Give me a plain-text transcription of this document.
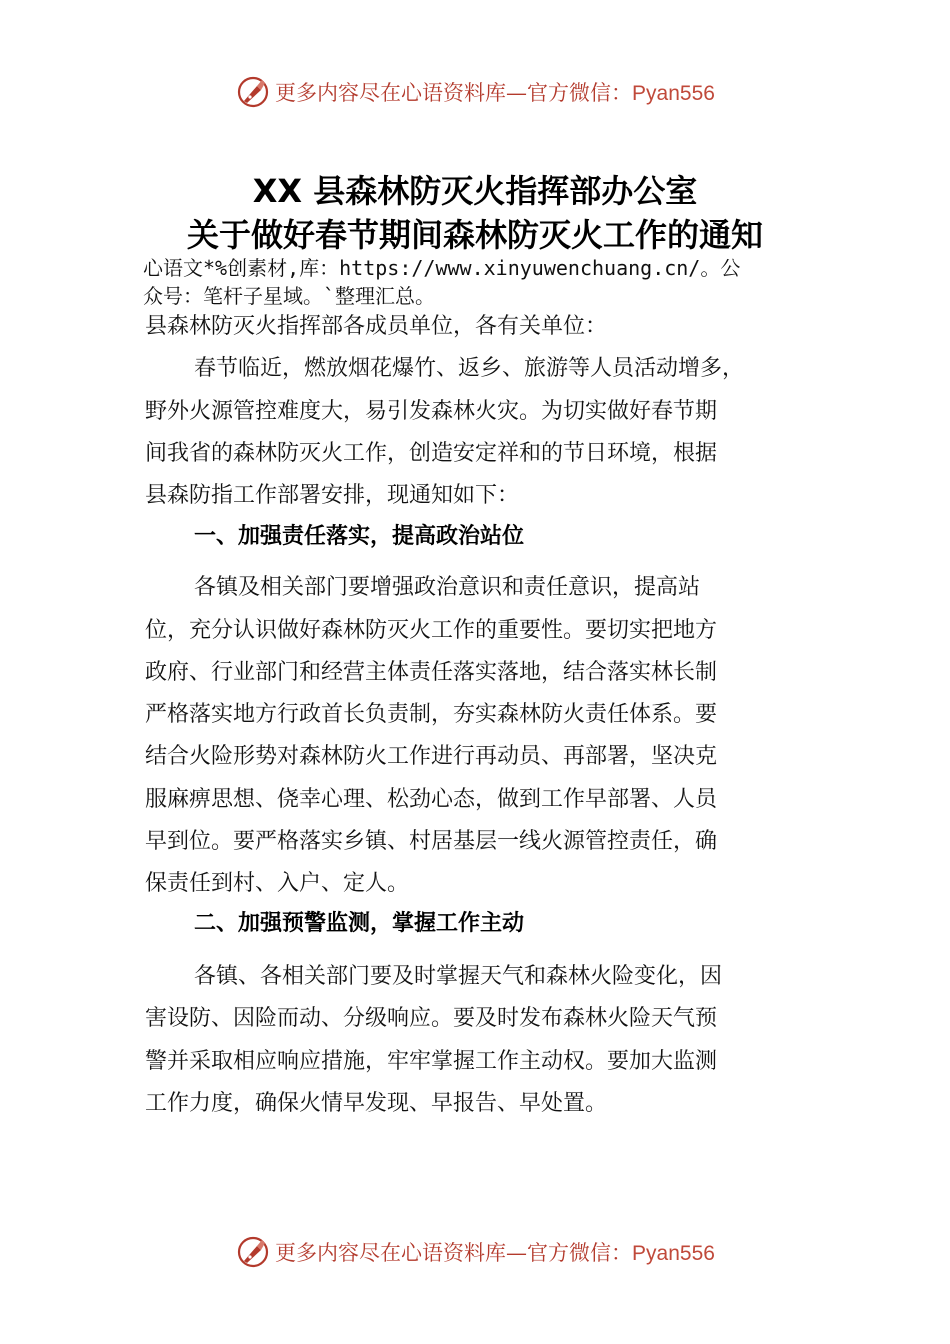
更多内容尽在心语资料库—官方微信：Pyan556
XX 县森林防灭火指挥部办公室
关于做好春节期间森林防灭火工作的通知
心语文*%创素材,库：https://www.xinyuwenchuang.cn/。公
众号：笔杆子星域。`整理汇总。
县森林防灭火指挥部各成员单位，各有关单位：
春节临近，燃放烟花爆竹、返乡、旅游等人员活动增多，
野外火源管控难度大，易引发森林火灾。为切实做好春节期
间我省的森林防灭火工作，创造安定祥和的节日环境，根据
县森防指工作部署安排，现通知如下：
一、加强责任落实，提高政治站位
各镇及相关部门要增强政治意识和责任意识，提高站
位，充分认识做好森林防灭火工作的重要性。要切实把地方
政府、行业部门和经营主体责任落实落地，结合落实林长制
严格落实地方行政首长负责制，夯实森林防火责任体系。要
结合火险形势对森林防火工作进行再动员、再部署，坚决克
服麻痹思想、侥幸心理、松劲心态，做到工作早部署、人员
早到位。要严格落实乡镇、村居基层一线火源管控责任，确
保责任到村、入户、定人。
二、加强预警监测，掌握工作主动
各镇、各相关部门要及时掌握天气和森林火险变化，因
害设防、因险而动、分级响应。要及时发布森林火险天气预
警并采取相应响应措施，牢牢掌握工作主动权。要加大监测
工作力度，确保火情早发现、早报告、早处置。
更多内容尽在心语资料库—官方微信：Pyan556
